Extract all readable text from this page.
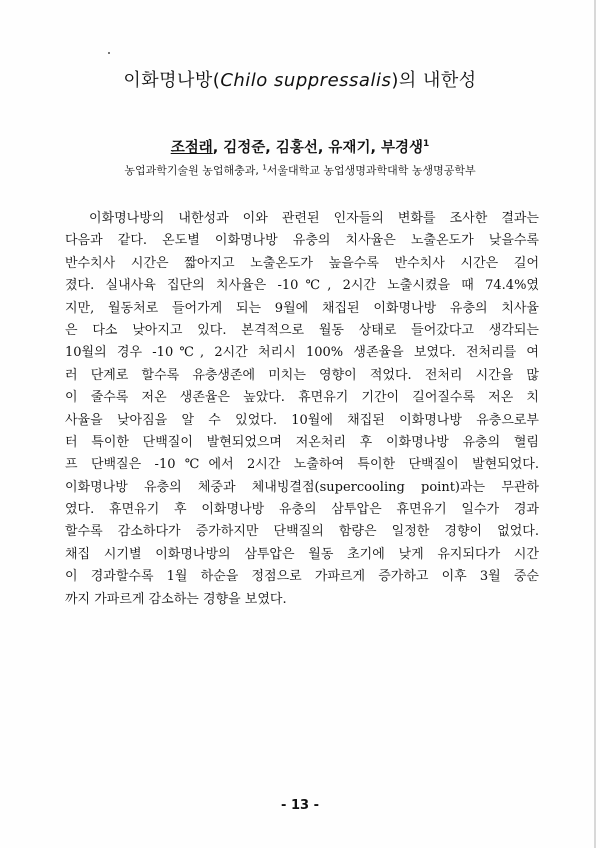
이화명나방(Chilo suppressalis)의 내한성
조점래, 김정준, 김홍선, 유재기, 부경생$^1$
농업과학기술원 농업해충과, $^1$서울대학교 농업생명과학대학 농생명공학부
이화명나방의 내한성과 이와 관련된 인자들의 변화를 조사한 결과는
다음과 같다. 온도별 이화명나방 유충의 치사율은 노출온도가 낮을수록
반수치사 시간은 짧아지고 노출온도가 높을수록 반수치사 시간은 길어
졌다. 실내사육 집단의 치사율은 -10℃, 2시간 노출시켰을 때 74.4%였
지만, 월동처로 들어가게 되는 9월에 채집된 이화명나방 유충의 치사율
은 다소 낮아지고 있다. 본격적으로 월동 상태로 들어갔다고 생각되는
10월의 경우 -10℃, 2시간 처리시 100% 생존율을 보였다. 전처리를 여
러 단계로 할수록 유충생존에 미치는 영향이 적었다. 전처리 시간을 많
이 줄수록 저온 생존율은 높았다. 휴면유기 기간이 길어질수록 저온 치
사율을 낮아짐을 알 수 있었다. 10월에 채집된 이화명나방 유충으로부
터 특이한 단백질이 발현되었으며 저온처리 후 이화명나방 유충의 혈림
프 단백질은 -10℃에서 2시간 노출하여 특이한 단백질이 발현되었다.
이화명나방 유충의 체중과 체내빙결점(supercooling point)과는 무관하
였다. 휴면유기 후 이화명나방 유충의 삼투압은 휴면유기 일수가 경과
할수록 감소하다가 증가하지만 단백질의 함량은 일정한 경향이 없었다.
채집 시기별 이화명나방의 삼투압은 월동 초기에 낮게 유지되다가 시간
이 경과할수록 1월 하순을 정점으로 가파르게 증가하고 이후 3월 중순
까지 가파르게 감소하는 경향을 보였다.
- 13 -
